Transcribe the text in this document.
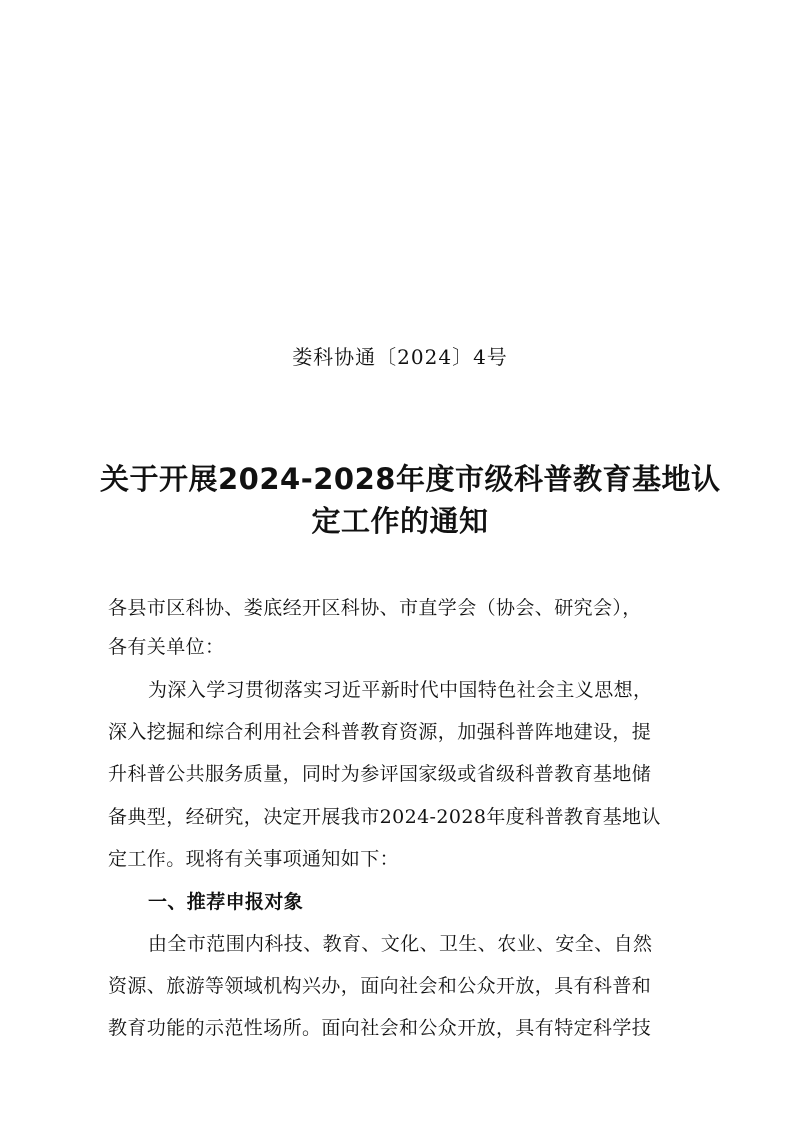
娄科协通〔2024〕4号
关于开展2024-2028年度市级科普教育基地认
定工作的通知
各县市区科协、娄底经开区科协、市直学会（协会、研究会），
各有关单位：
为深入学习贯彻落实习近平新时代中国特色社会主义思想，
深入挖掘和综合利用社会科普教育资源，加强科普阵地建设，提
升科普公共服务质量，同时为参评国家级或省级科普教育基地储
备典型，经研究，决定开展我市2024-2028年度科普教育基地认
定工作。现将有关事项通知如下：
一、推荐申报对象
由全市范围内科技、教育、文化、卫生、农业、安全、自然
资源、旅游等领域机构兴办，面向社会和公众开放，具有科普和
教育功能的示范性场所。面向社会和公众开放，具有特定科学技
